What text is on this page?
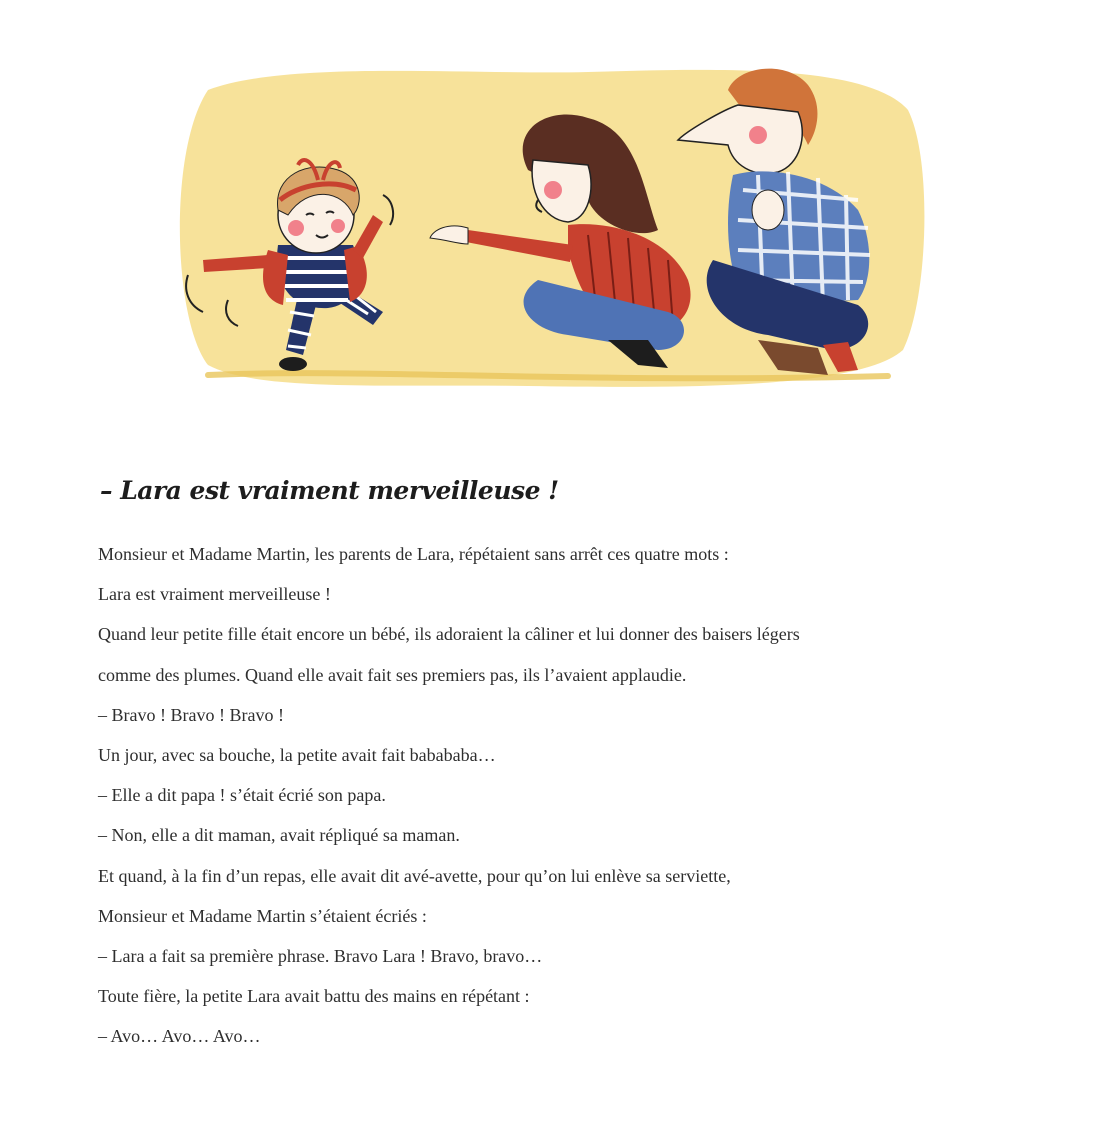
– Lara est vraiment merveilleuse !
Monsieur et Madame Martin, les parents de Lara, répétaient sans arrêt ces quatre mots :
Lara est vraiment merveilleuse !
Quand leur petite fille était encore un bébé, ils adoraient la câliner et lui donner des baisers légers
comme des plumes. Quand elle avait fait ses premiers pas, ils l’avaient applaudie.
– Bravo ! Bravo ! Bravo !
Un jour, avec sa bouche, la petite avait fait babababa…
– Elle a dit papa ! s’était écrié son papa.
– Non, elle a dit maman, avait répliqué sa maman.
Et quand, à la fin d’un repas, elle avait dit avé-avette, pour qu’on lui enlève sa serviette,
Monsieur et Madame Martin s’étaient écriés :
– Lara a fait sa première phrase. Bravo Lara ! Bravo, bravo…
Toute fière, la petite Lara avait battu des mains en répétant :
– Avo… Avo… Avo…
